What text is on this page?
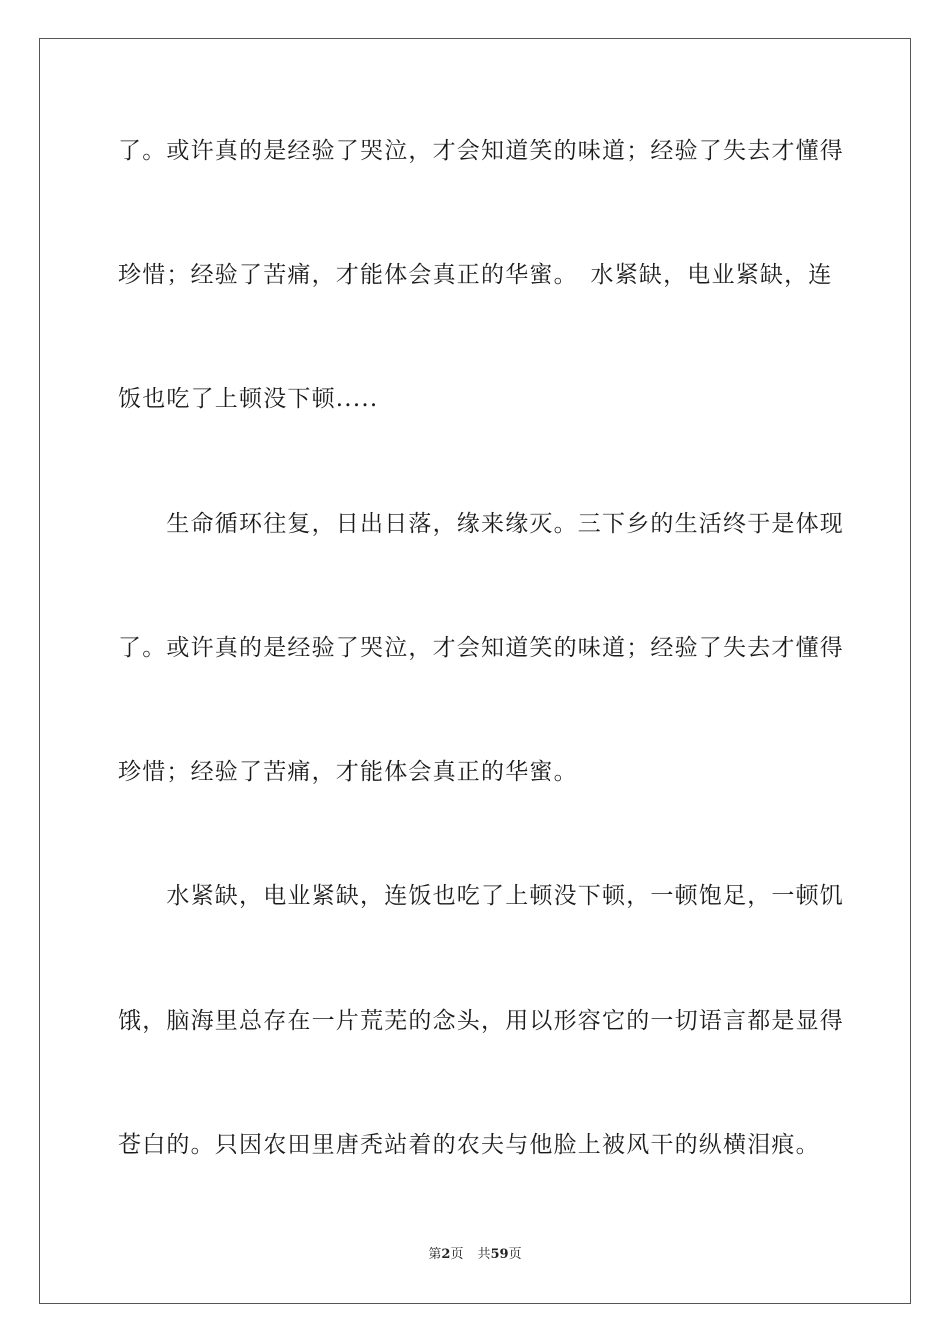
了。或许真的是经验了哭泣，才会知道笑的味道；经验了失去才懂得
珍惜；经验了苦痛，才能体会真正的华蜜。　水紧缺，电业紧缺，连
饭也吃了上顿没下顿.....
　　生命循环往复，日出日落，缘来缘灭。三下乡的生活终于是体现
了。或许真的是经验了哭泣，才会知道笑的味道；经验了失去才懂得
珍惜；经验了苦痛，才能体会真正的华蜜。
　　水紧缺，电业紧缺，连饭也吃了上顿没下顿，一顿饱足，一顿饥
饿，脑海里总存在一片荒芜的念头，用以形容它的一切语言都是显得
苍白的。只因农田里唐秃站着的农夫与他脸上被风干的纵横泪痕。
第2页 共59页
